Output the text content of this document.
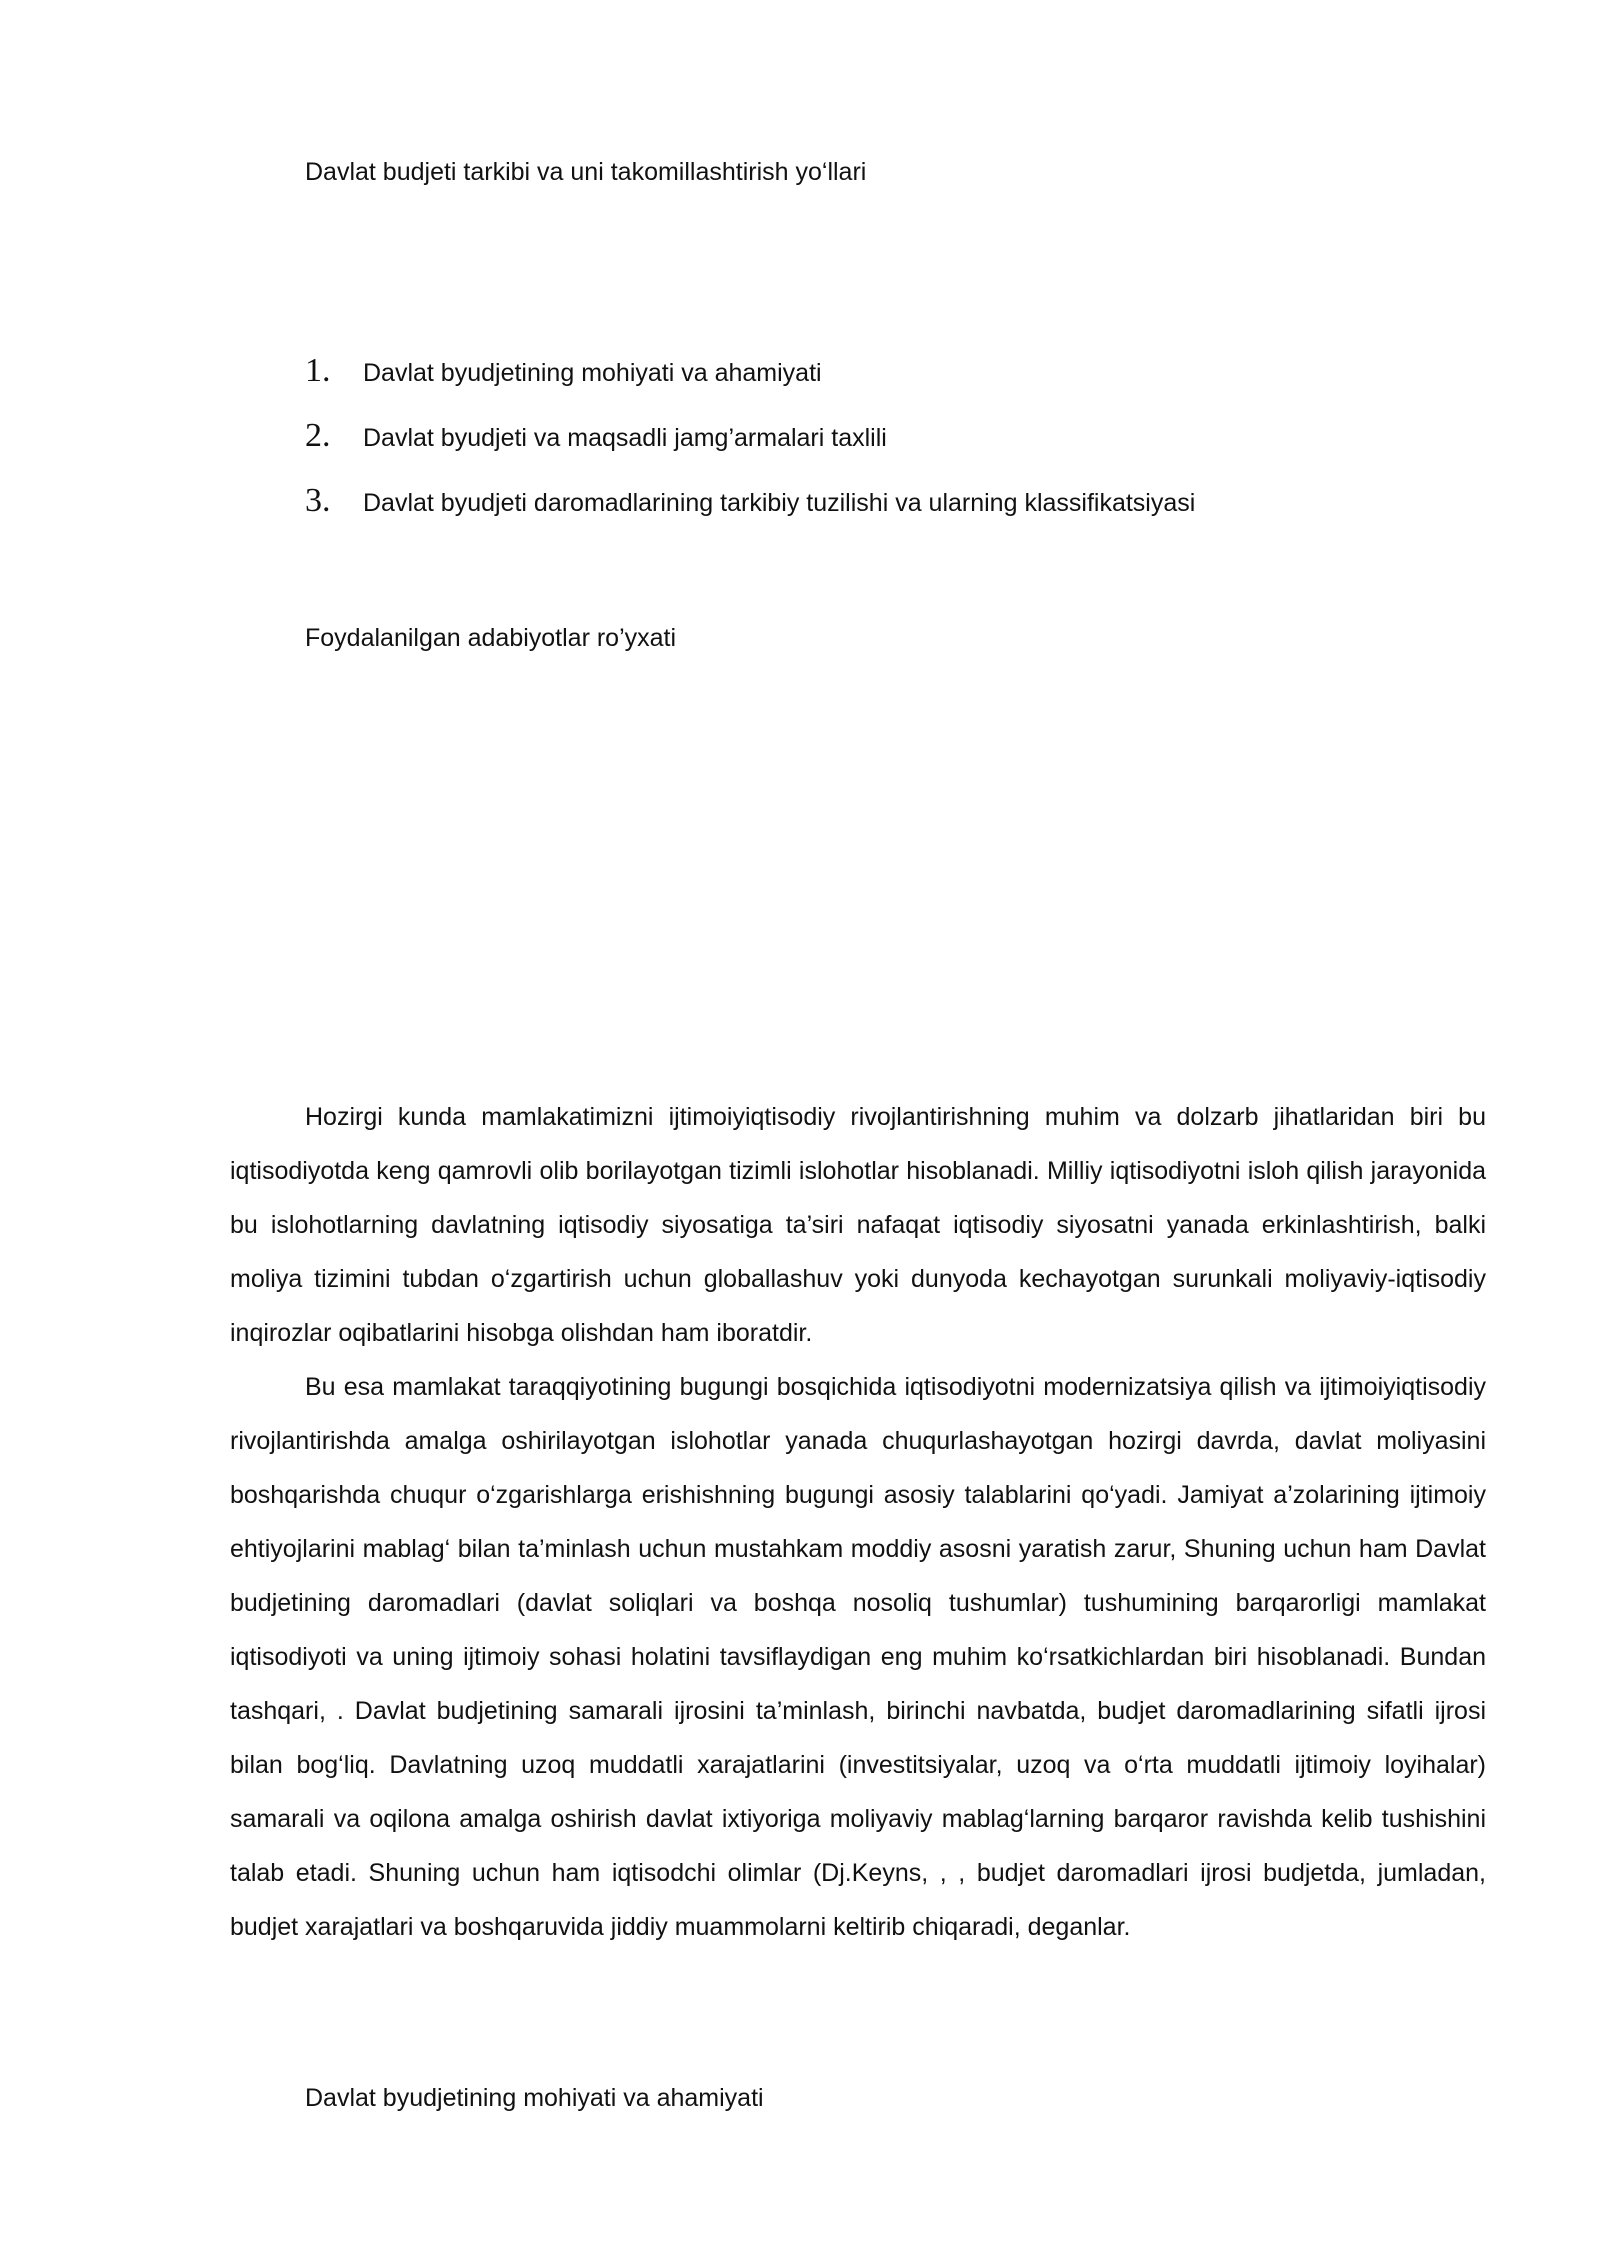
Davlat budjeti tarkibi va uni takomillashtirish yo‘llari
1.	Davlat byudjetining mohiyati va ahamiyati
2.	Davlat byudjeti va maqsadli jamg’armalari taxlili
3.	Davlat byudjeti daromadlarining tarkibiy tuzilishi va ularning klassifikatsiyasi
Foydalanilgan adabiyotlar ro’yxati

Hozirgi kunda mamlakatimizni ijtimoiyiqtisodiy rivojlantirishning muhim va dolzarb jihatlaridan biri bu iqtisodiyotda keng qamrovli olib borilayotgan tizimli islohotlar hisoblanadi. Milliy iqtisodiyotni isloh qilish jarayonida bu islohotlarning davlatning iqtisodiy siyosatiga ta’siri nafaqat iqtisodiy siyosatni yanada erkinlashtirish, balki moliya tizimini tubdan o‘zgartirish uchun globallashuv yoki dunyoda kechayotgan surunkali moliyaviy-iqtisodiy inqirozlar oqibatlarini hisobga olishdan ham iboratdir.

Bu esa mamlakat taraqqiyotining bugungi bosqichida iqtisodiyotni modernizatsiya qilish va ijtimoiyiqtisodiy rivojlantirishda amalga oshirilayotgan islohotlar yanada chuqurlashayotgan hozirgi davrda, davlat moliyasini boshqarishda chuqur o‘zgarishlarga erishishning bugungi asosiy talablarini qo‘yadi. Jamiyat a’zolarining ijtimoiy ehtiyojlarini mablag‘ bilan ta’minlash uchun mustahkam moddiy asosni yaratish zarur, Shuning uchun ham Davlat budjetining daromadlari (davlat soliqlari va boshqa nosoliq tushumlar) tushumining barqarorligi mamlakat iqtisodiyoti va uning ijtimoiy sohasi holatini tavsiflaydigan eng muhim ko‘rsatkichlardan biri hisoblanadi. Bundan tashqari, . Davlat budjetining samarali ijrosini ta’minlash, birinchi navbatda, budjet daromadlarining sifatli ijrosi bilan bog‘liq. Davlatning uzoq muddatli xarajatlarini (investitsiyalar, uzoq va o‘rta muddatli ijtimoiy loyihalar) samarali va oqilona amalga oshirish davlat ixtiyoriga moliyaviy mablag‘larning barqaror ravishda kelib tushishini talab etadi. Shuning uchun ham iqtisodchi olimlar (Dj.Keyns, , , budjet daromadlari ijrosi budjetda, jumladan, budjet xarajatlari va boshqaruvida jiddiy muammolarni keltirib chiqaradi, deganlar.

Davlat byudjetining mohiyati va ahamiyati
